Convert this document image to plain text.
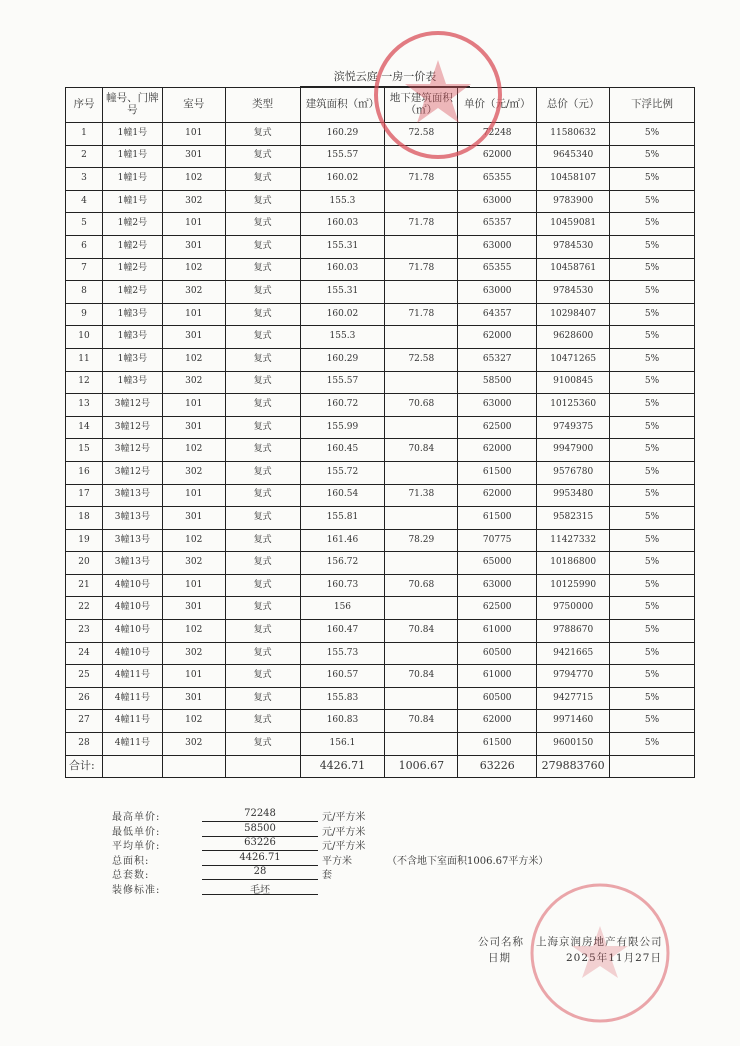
滨悦云庭 一房一价表
序号	幢号、门牌号	室号	类型	建筑面积（㎡）	地下建筑面积（㎡）	单价（元/㎡）	总价（元）	下浮比例
1	1幢1号	101	复式	160.29	72.58	72248	11580632	5%
2	1幢1号	301	复式	155.57		62000	9645340	5%
3	1幢1号	102	复式	160.02	71.78	65355	10458107	5%
4	1幢1号	302	复式	155.3		63000	9783900	5%
5	1幢2号	101	复式	160.03	71.78	65357	10459081	5%
6	1幢2号	301	复式	155.31		63000	9784530	5%
7	1幢2号	102	复式	160.03	71.78	65355	10458761	5%
8	1幢2号	302	复式	155.31		63000	9784530	5%
9	1幢3号	101	复式	160.02	71.78	64357	10298407	5%
10	1幢3号	301	复式	155.3		62000	9628600	5%
11	1幢3号	102	复式	160.29	72.58	65327	10471265	5%
12	1幢3号	302	复式	155.57		58500	9100845	5%
13	3幢12号	101	复式	160.72	70.68	63000	10125360	5%
14	3幢12号	301	复式	155.99		62500	9749375	5%
15	3幢12号	102	复式	160.45	70.84	62000	9947900	5%
16	3幢12号	302	复式	155.72		61500	9576780	5%
17	3幢13号	101	复式	160.54	71.38	62000	9953480	5%
18	3幢13号	301	复式	155.81		61500	9582315	5%
19	3幢13号	102	复式	161.46	78.29	70775	11427332	5%
20	3幢13号	302	复式	156.72		65000	10186800	5%
21	4幢10号	101	复式	160.73	70.68	63000	10125990	5%
22	4幢10号	301	复式	156		62500	9750000	5%
23	4幢10号	102	复式	160.47	70.84	61000	9788670	5%
24	4幢10号	302	复式	155.73		60500	9421665	5%
25	4幢11号	101	复式	160.57	70.84	61000	9794770	5%
26	4幢11号	301	复式	155.83		60500	9427715	5%
27	4幢11号	102	复式	160.83	70.84	62000	9971460	5%
28	4幢11号	302	复式	156.1		61500	9600150	5%
合计:				4426.71	1006.67	63226	279883760	
最高单价:	72248	元/平方米
最低单价:	58500	元/平方米
平均单价:	63226	元/平方米
总面积:	4426.71	平方米	（不含地下室面积1006.67平方米）
总套数:	28	套
装修标准:	毛坯
公司名称 上海京润房地产有限公司
日期	2025年11月27日
